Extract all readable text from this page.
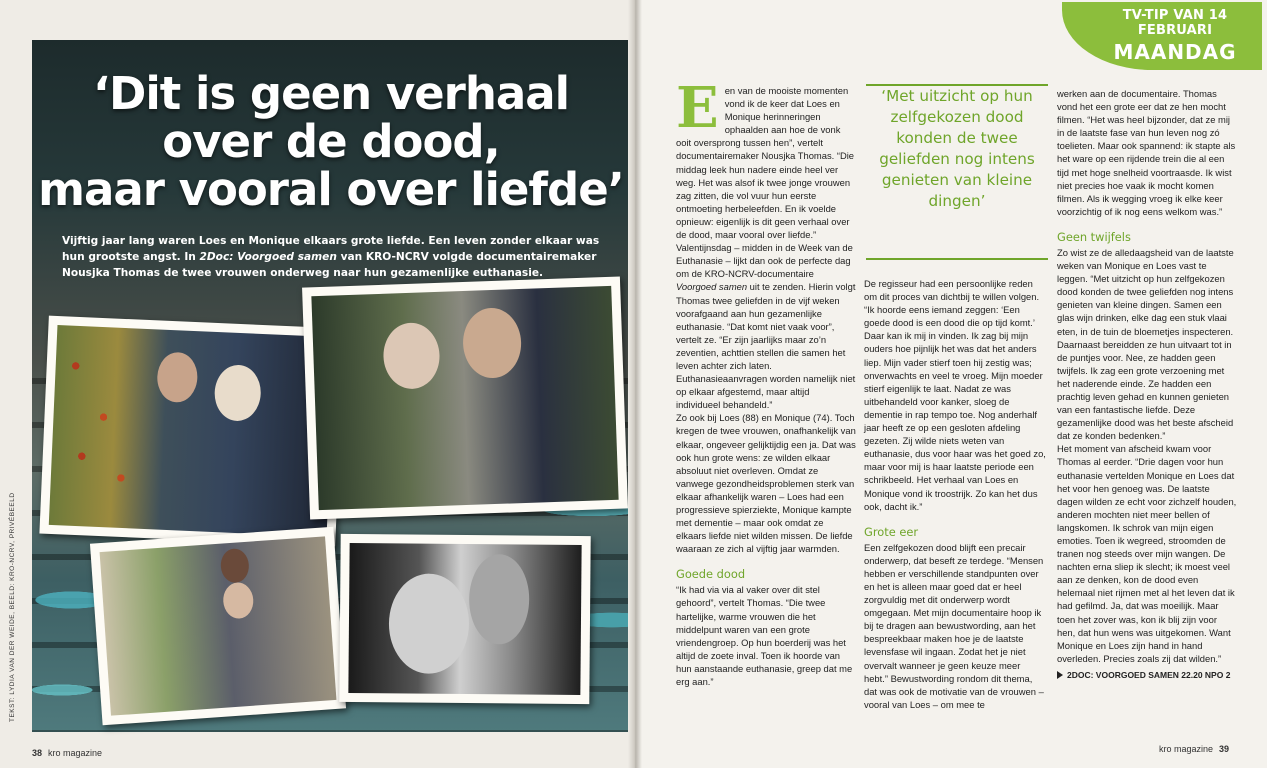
‘Dit is geen verhaal
over de dood,
maar vooral over liefde’

Vijftig jaar lang waren Loes en Monique elkaars grote liefde. Een leven zonder elkaar was hun grootste angst. In 2Doc: Voorgoed samen van KRO-NCRV volgde documentairemaker Nousjka Thomas de twee vrouwen onderweg naar hun gezamenlijke euthanasie.

TEKST: LYDIA VAN DER WEIDE, BEELD: KRO-NCRV, PRIVÉBEELD
38 kro magazine
TV-TIP VAN 14 FEBRUARI
MAANDAG

Een van de mooiste momenten vond ik de keer dat Loes en Monique herinneringen ophaalden aan hoe de vonk ooit oversprong tussen hen”, vertelt documentairemaker Nousjka Thomas. “Die middag leek hun nadere einde heel ver weg. Het was alsof ik twee jonge vrouwen zag zitten, die vol vuur hun eerste ontmoeting herbeleefden. En ik voelde opnieuw: eigenlijk is dit geen verhaal over de dood, maar vooral over liefde.”

Valentijnsdag – midden in de Week van de Euthanasie – lijkt dan ook de perfecte dag om de KRO-NCRV-documentaire Voorgoed samen uit te zenden. Hierin volgt Thomas twee geliefden in de vijf weken voorafgaand aan hun gezamenlijke euthanasie. “Dat komt niet vaak voor”, vertelt ze. “Er zijn jaarlijks maar zo’n zeventien, achttien stellen die samen het leven achter zich laten. Euthanasieaanvragen worden namelijk niet op elkaar afgestemd, maar altijd individueel behandeld.”

Zo ook bij Loes (88) en Monique (74). Toch kregen de twee vrouwen, onafhankelijk van elkaar, ongeveer gelijktijdig een ja. Dat was ook hun grote wens: ze wilden elkaar absoluut niet overleven. Omdat ze vanwege gezondheidsproblemen sterk van elkaar afhankelijk waren – Loes had een progressieve spierziekte, Monique kampte met dementie – maar ook omdat ze elkaars liefde niet wilden missen. De liefde waaraan ze zich al vijftig jaar warmden.

Goede dood

“Ik had via via al vaker over dit stel gehoord”, vertelt Thomas. “Die twee hartelijke, warme vrouwen die het middelpunt waren van een grote vriendengroep. Op hun boerderij was het altijd de zoete inval. Toen ik hoorde van hun aanstaande euthanasie, greep dat me erg aan.”

‘Met uitzicht op hun zelfgekozen dood konden de twee geliefden nog intens genieten van kleine dingen’

De regisseur had een persoonlijke reden om dit proces van dichtbij te willen volgen. “Ik hoorde eens iemand zeggen: ‘Een goede dood is een dood die op tijd komt.’ Daar kan ik mij in vinden. Ik zag bij mijn ouders hoe pijnlijk het was dat het anders liep. Mijn vader stierf toen hij zestig was; onverwachts en veel te vroeg. Mijn moeder stierf eigenlijk te laat. Nadat ze was uitbehandeld voor kanker, sloeg de dementie in rap tempo toe. Nog anderhalf jaar heeft ze op een gesloten afdeling gezeten. Zij wilde niets weten van euthanasie, dus voor haar was het goed zo, maar voor mij is haar laatste periode een schrikbeeld. Het verhaal van Loes en Monique vond ik troostrijk. Zo kan het dus ook, dacht ik.”

Grote eer

Een zelfgekozen dood blijft een precair onderwerp, dat beseft ze terdege. “Mensen hebben er verschillende standpunten over en het is alleen maar goed dat er heel zorgvuldig met dit onderwerp wordt omgegaan. Met mijn documentaire hoop ik bij te dragen aan bewustwording, aan het bespreekbaar maken hoe je de laatste levensfase wil ingaan. Zodat het je niet overvalt wanneer je geen keuze meer hebt.” Bewustwording rondom dit thema, dat was ook de motivatie van de vrouwen – vooral van Loes – om mee te

werken aan de documentaire. Thomas vond het een grote eer dat ze hen mocht filmen. “Het was heel bijzonder, dat ze mij in de laatste fase van hun leven nog zó toelieten. Maar ook spannend: ik stapte als het ware op een rijdende trein die al een tijd met hoge snelheid voortraasde. Ik wist niet precies hoe vaak ik mocht komen filmen. Als ik wegging vroeg ik elke keer voorzichtig of ik nog eens welkom was.”

Geen twijfels

Zo wist ze de alledaagsheid van de laatste weken van Monique en Loes vast te leggen. “Met uitzicht op hun zelfgekozen dood konden de twee geliefden nog intens genieten van kleine dingen. Samen een glas wijn drinken, elke dag een stuk vlaai eten, in de tuin de bloemetjes inspecteren. Daarnaast bereidden ze hun uitvaart tot in de puntjes voor. Nee, ze hadden geen twijfels. Ik zag een grote verzoening met het naderende einde. Ze hadden een prachtig leven gehad en kunnen genieten van een fantastische liefde. Deze gezamenlijke dood was het beste afscheid dat ze konden bedenken.”

Het moment van afscheid kwam voor Thomas al eerder. “Drie dagen voor hun euthanasie vertelden Monique en Loes dat het voor hen genoeg was. De laatste dagen wilden ze echt voor zichzelf houden, anderen mochten niet meer bellen of langskomen. Ik schrok van mijn eigen emoties. Toen ik wegreed, stroomden de tranen nog steeds over mijn wangen. De nachten erna sliep ik slecht; ik moest veel aan ze denken, kon de dood even helemaal niet rijmen met al het leven dat ik had gefilmd. Ja, dat was moeilijk. Maar toen het zover was, kon ik blij zijn voor hen, dat hun wens was uitgekomen. Want Monique en Loes zijn hand in hand overleden. Precies zoals zij dat wilden.”

2DOC: VOORGOED SAMEN 22.20 NPO 2
kro magazine 39
